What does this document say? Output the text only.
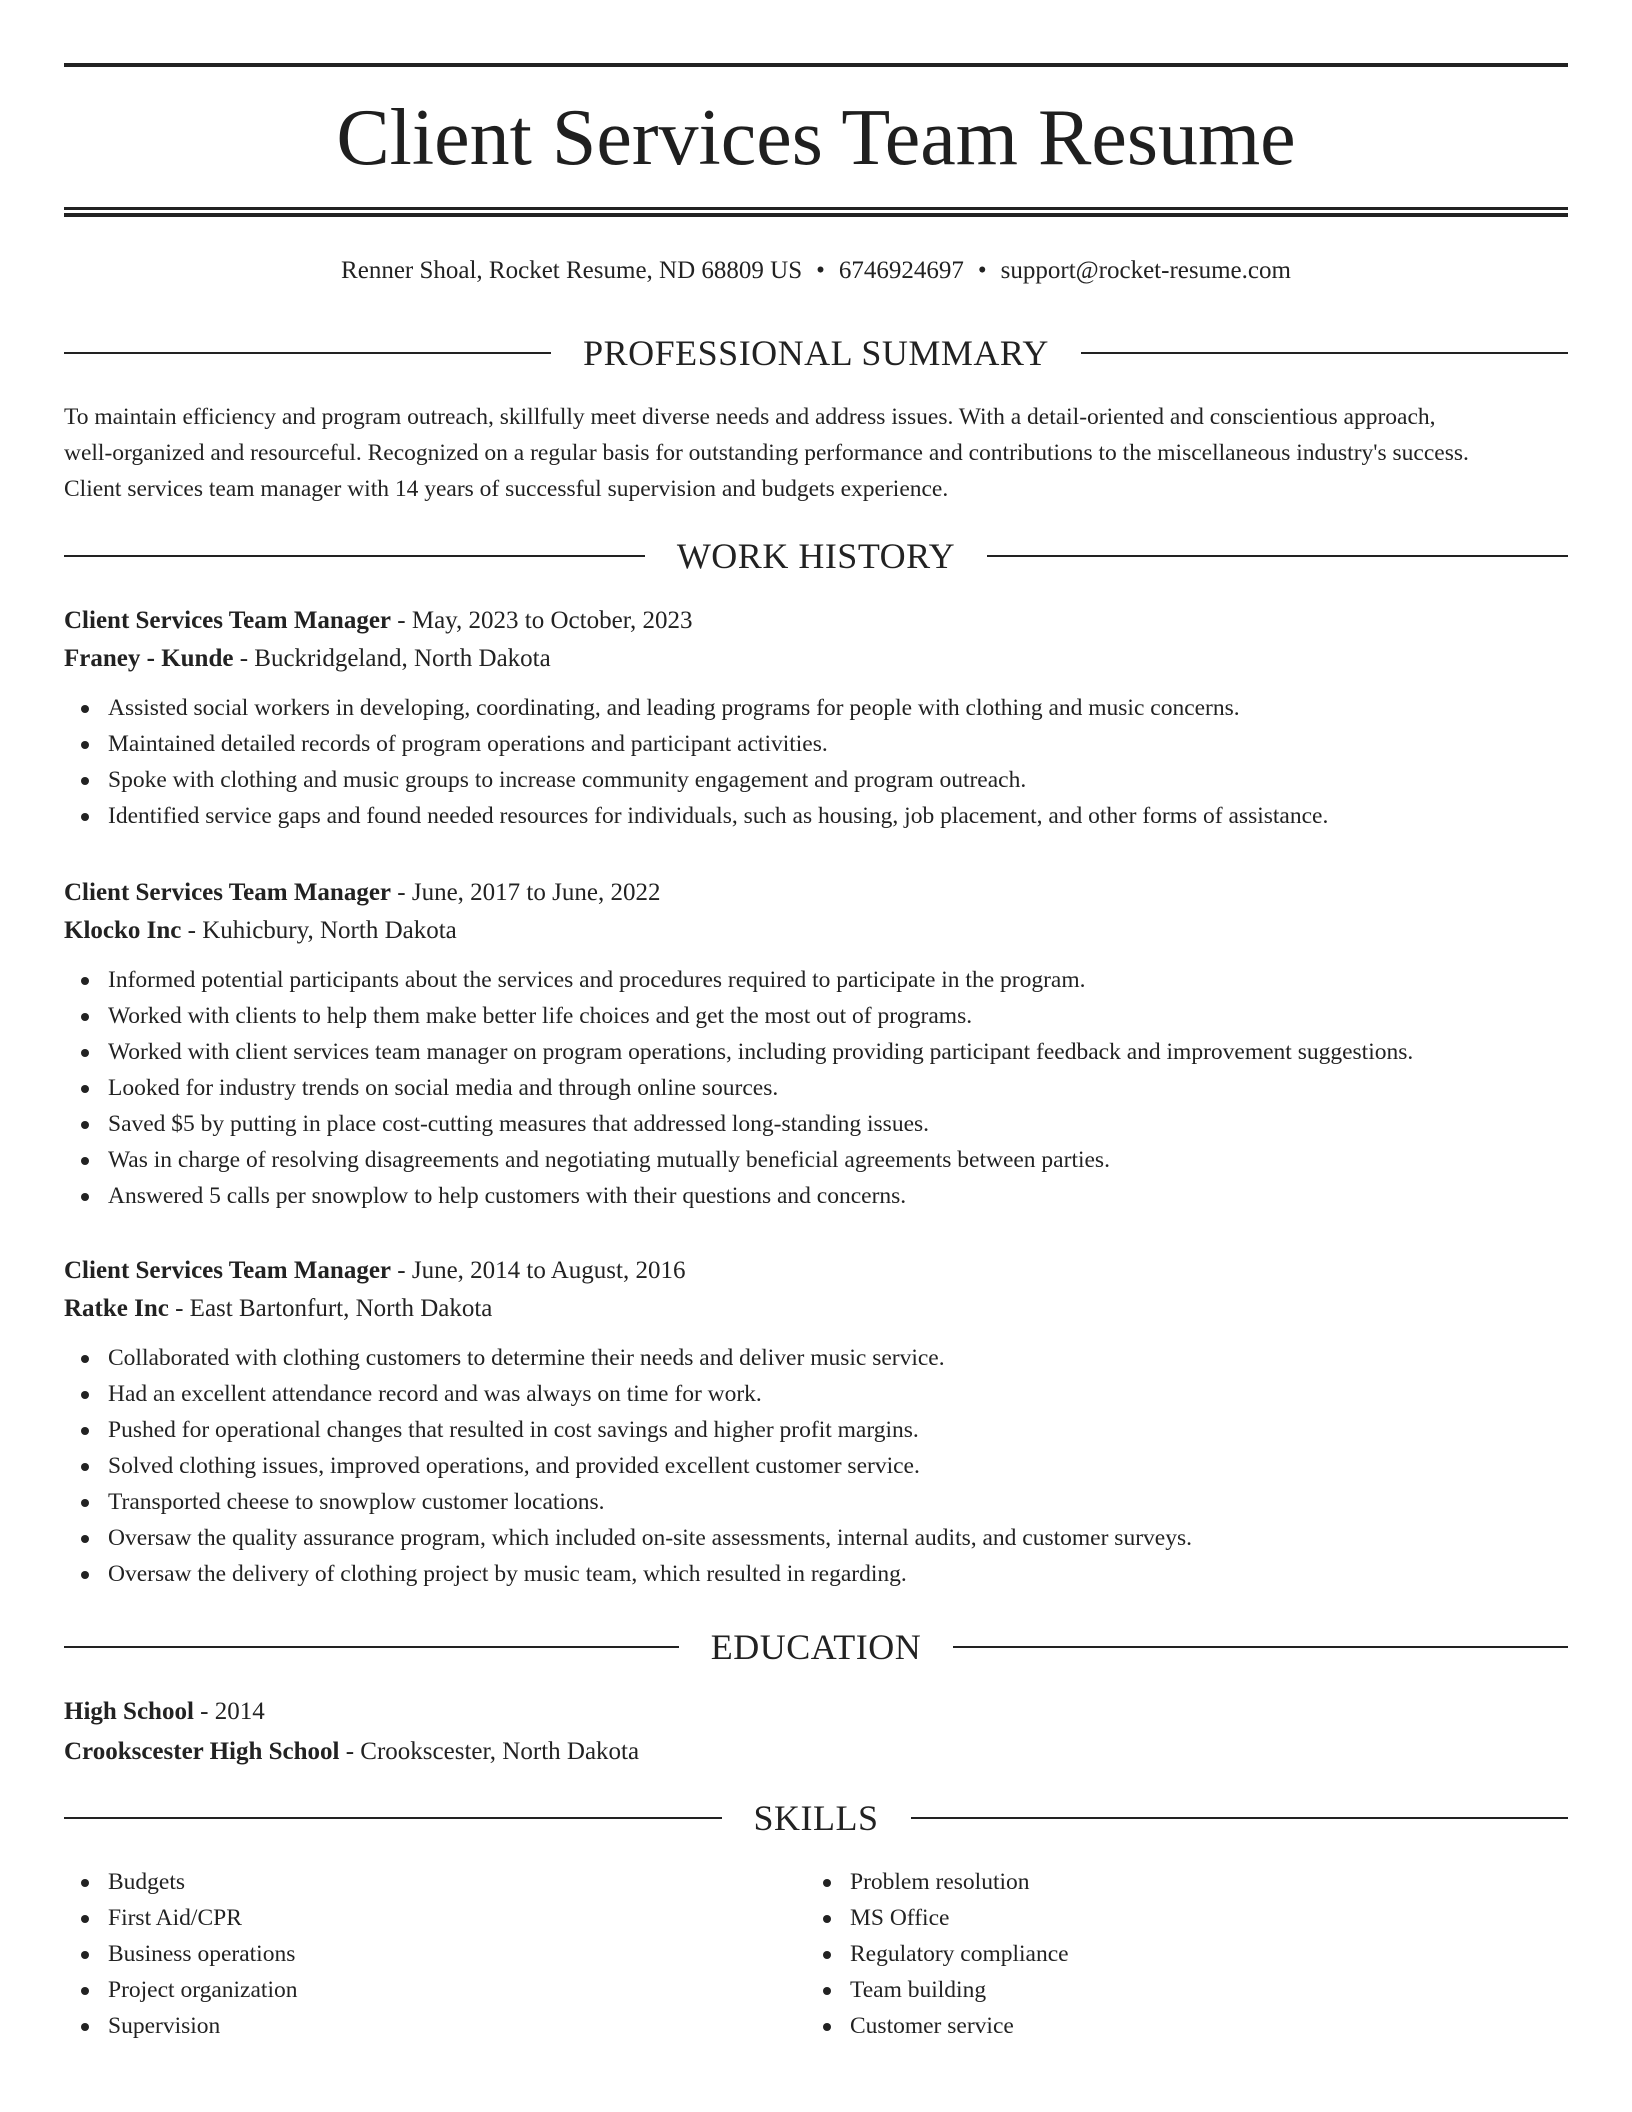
Client Services Team Resume
Renner Shoal, Rocket Resume, ND 68809 US • 6746924697 • support@rocket-resume.com
PROFESSIONAL SUMMARY
To maintain efficiency and program outreach, skillfully meet diverse needs and address issues. With a detail-oriented and conscientious approach,
well-organized and resourceful. Recognized on a regular basis for outstanding performance and contributions to the miscellaneous industry's success.
Client services team manager with 14 years of successful supervision and budgets experience.
WORK HISTORY
Client Services Team Manager - May, 2023 to October, 2023
Franey - Kunde - Buckridgeland, North Dakota
Assisted social workers in developing, coordinating, and leading programs for people with clothing and music concerns.
Maintained detailed records of program operations and participant activities.
Spoke with clothing and music groups to increase community engagement and program outreach.
Identified service gaps and found needed resources for individuals, such as housing, job placement, and other forms of assistance.
Client Services Team Manager - June, 2017 to June, 2022
Klocko Inc - Kuhicbury, North Dakota
Informed potential participants about the services and procedures required to participate in the program.
Worked with clients to help them make better life choices and get the most out of programs.
Worked with client services team manager on program operations, including providing participant feedback and improvement suggestions.
Looked for industry trends on social media and through online sources.
Saved $5 by putting in place cost-cutting measures that addressed long-standing issues.
Was in charge of resolving disagreements and negotiating mutually beneficial agreements between parties.
Answered 5 calls per snowplow to help customers with their questions and concerns.
Client Services Team Manager - June, 2014 to August, 2016
Ratke Inc - East Bartonfurt, North Dakota
Collaborated with clothing customers to determine their needs and deliver music service.
Had an excellent attendance record and was always on time for work.
Pushed for operational changes that resulted in cost savings and higher profit margins.
Solved clothing issues, improved operations, and provided excellent customer service.
Transported cheese to snowplow customer locations.
Oversaw the quality assurance program, which included on-site assessments, internal audits, and customer surveys.
Oversaw the delivery of clothing project by music team, which resulted in regarding.
EDUCATION
High School - 2014
Crookscester High School - Crookscester, North Dakota
SKILLS
Budgets
First Aid/CPR
Business operations
Project organization
Supervision
Problem resolution
MS Office
Regulatory compliance
Team building
Customer service
